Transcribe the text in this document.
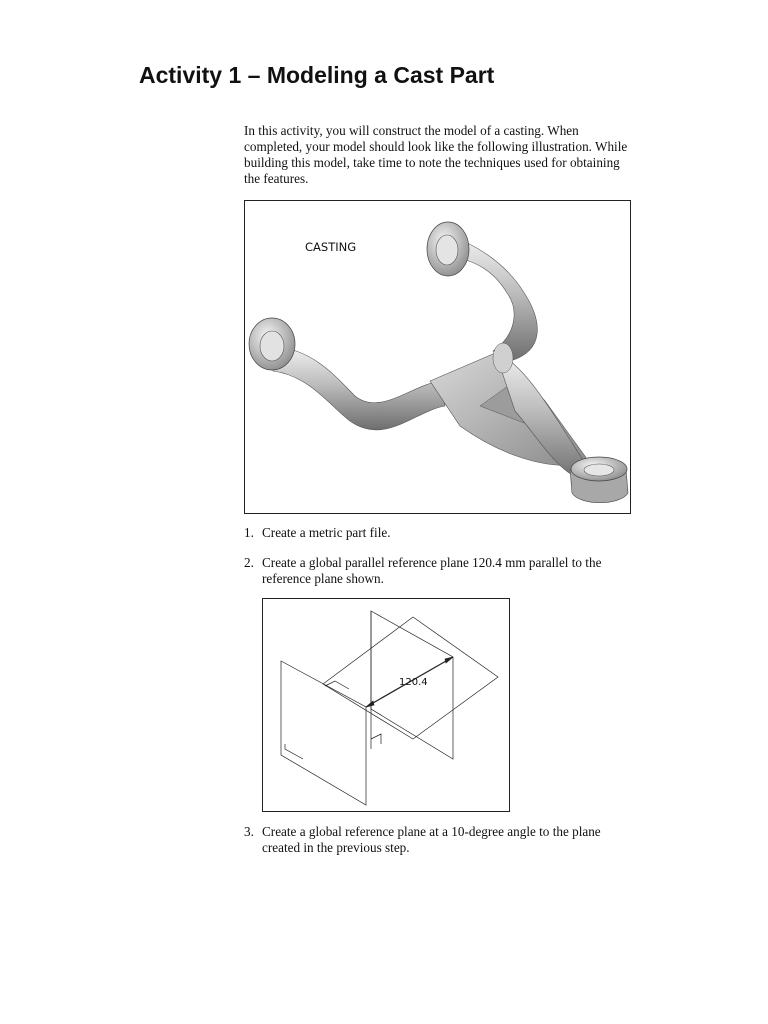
Activity 1 – Modeling a Cast Part

In this activity, you will construct the model of a casting. When completed, your model should look like the following illustration. While building this model, take time to note the techniques used for obtaining the features.

CASTING
1. Create a metric part file.
2. Create a global parallel reference plane 120.4 mm parallel to the reference plane shown.
120.4
3. Create a global reference plane at a 10-degree angle to the plane created in the previous step.
